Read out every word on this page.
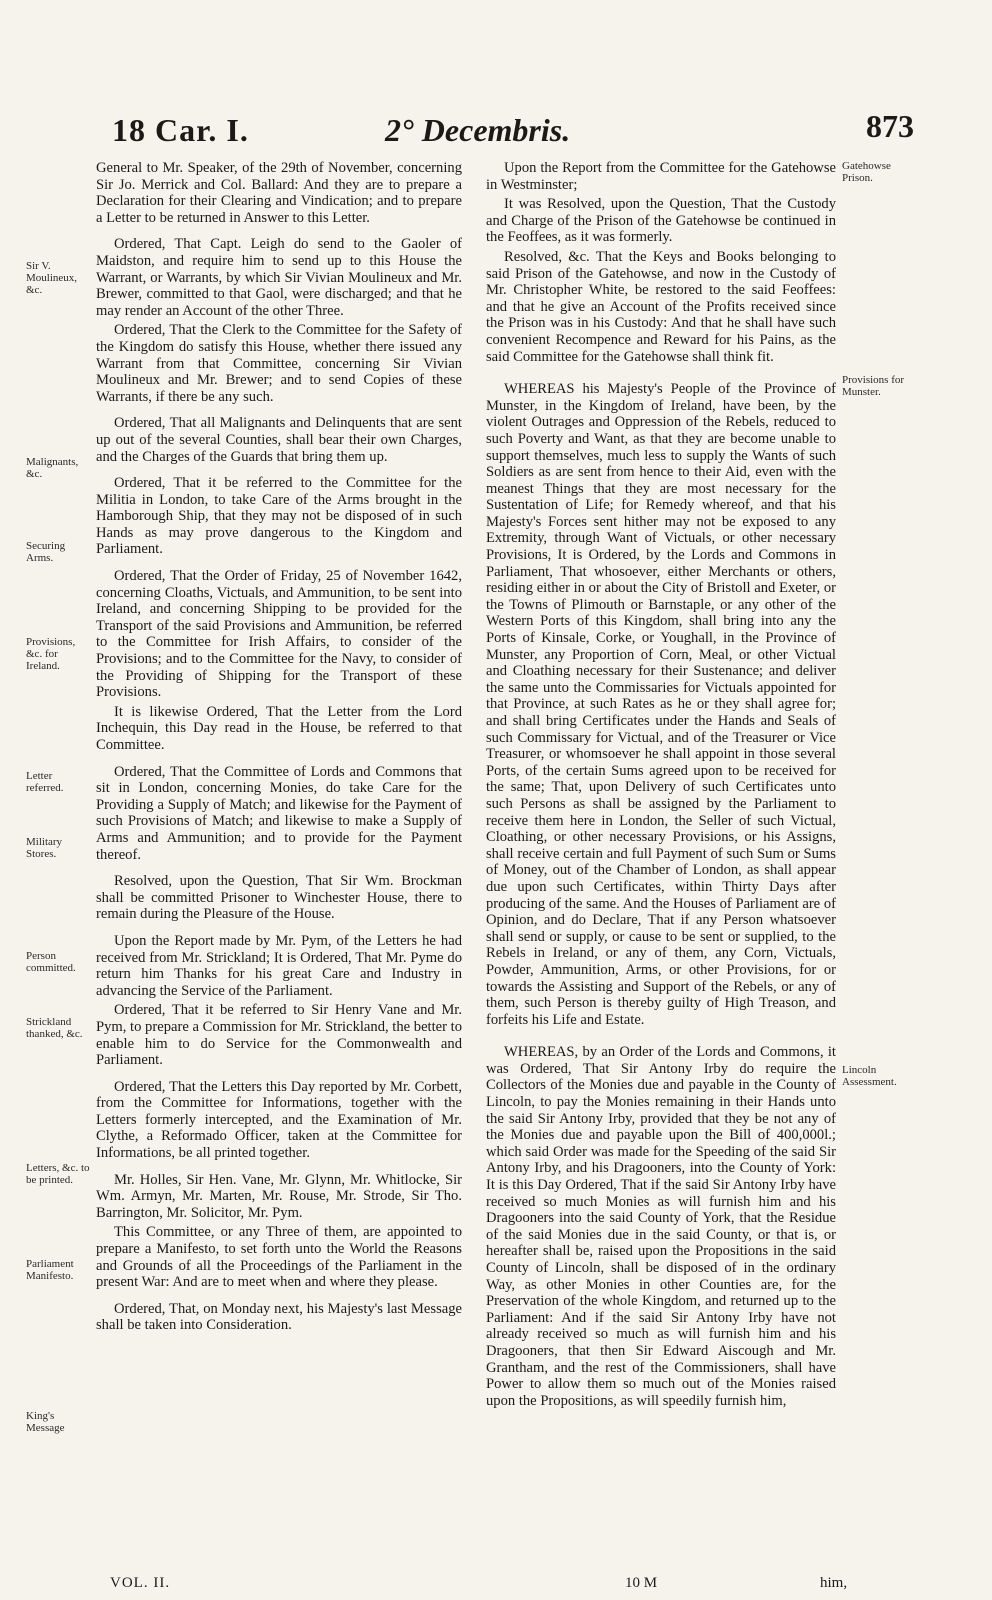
18 Car. I.	2° Decembris.	873

General to Mr. Speaker, of the 29th of November, concerning Sir Jo. Merrick and Col. Ballard: And they are to prepare a Declaration for their Clearing and Vindication; and to prepare a Letter to be returned in Answer to this Letter.

Ordered, That Capt. Leigh do send to the Gaoler of Maidston, and require him to send up to this House the Warrant, or Warrants, by which Sir Vivian Moulineux and Mr. Brewer, committed to that Gaol, were discharged; and that he may render an Account of the other Three.

Ordered, That the Clerk to the Committee for the Safety of the Kingdom do satisfy this House, whether there issued any Warrant from that Committee, concerning Sir Vivian Moulineux and Mr. Brewer; and to send Copies of these Warrants, if there be any such.

Ordered, That all Malignants and Delinquents that are sent up out of the several Counties, shall bear their own Charges, and the Charges of the Guards that bring them up.

Ordered, That it be referred to the Committee for the Militia in London, to take Care of the Arms brought in the Hamborough Ship, that they may not be disposed of in such Hands as may prove dangerous to the Kingdom and Parliament.

Ordered, That the Order of Friday, 25 of November 1642, concerning Cloaths, Victuals, and Ammunition, to be sent into Ireland, and concerning Shipping to be provided for the Transport of the said Provisions and Ammunition, be referred to the Committee for Irish Affairs, to consider of the Provisions; and to the Committee for the Navy, to consider of the Providing of Shipping for the Transport of these Provisions.

It is likewise Ordered, That the Letter from the Lord Inchequin, this Day read in the House, be referred to that Committee.

Ordered, That the Committee of Lords and Commons that sit in London, concerning Monies, do take Care for the Providing a Supply of Match; and likewise for the Payment of such Provisions of Match; and likewise to make a Supply of Arms and Ammunition; and to provide for the Payment thereof.

Resolved, upon the Question, That Sir Wm. Brockman shall be committed Prisoner to Winchester House, there to remain during the Pleasure of the House.

Upon the Report made by Mr. Pym, of the Letters he had received from Mr. Strickland; It is Ordered, That Mr. Pyme do return him Thanks for his great Care and Industry in advancing the Service of the Parliament.

Ordered, That it be referred to Sir Henry Vane and Mr. Pym, to prepare a Commission for Mr. Strickland, the better to enable him to do Service for the Commonwealth and Parliament.

Ordered, That the Letters this Day reported by Mr. Corbett, from the Committee for Informations, together with the Letters formerly intercepted, and the Examination of Mr. Clythe, a Reformado Officer, taken at the Committee for Informations, be all printed together.

Mr. Holles, Sir Hen. Vane, Mr. Glynn, Mr. Whitlocke, Sir Wm. Armyn, Mr. Marten, Mr. Rouse, Mr. Strode, Sir Tho. Barrington, Mr. Solicitor, Mr. Pym.

This Committee, or any Three of them, are appointed to prepare a Manifesto, to set forth unto the World the Reasons and Grounds of all the Proceedings of the Parliament in the present War: And are to meet when and where they please.

Ordered, That, on Monday next, his Majesty's last Message shall be taken into Consideration.

Upon the Report from the Committee for the Gatehowse in Westminster;

It was Resolved, upon the Question, That the Custody and Charge of the Prison of the Gatehowse be continued in the Feoffees, as it was formerly.

Resolved, &c. That the Keys and Books belonging to said Prison of the Gatehowse, and now in the Custody of Mr. Christopher White, be restored to the said Feoffees: and that he give an Account of the Profits received since the Prison was in his Custody: And that he shall have such convenient Recompence and Reward for his Pains, as the said Committee for the Gatehowse shall think fit.

WHEREAS his Majesty's People of the Province of Munster, in the Kingdom of Ireland, have been, by the violent Outrages and Oppression of the Rebels, reduced to such Poverty and Want, as that they are become unable to support themselves, much less to supply the Wants of such Soldiers as are sent from hence to their Aid, even with the meanest Things that they are most necessary for the Sustentation of Life; for Remedy whereof, and that his Majesty's Forces sent hither may not be exposed to any Extremity, through Want of Victuals, or other necessary Provisions, It is Ordered, by the Lords and Commons in Parliament, That whosoever, either Merchants or others, residing either in or about the City of Bristoll and Exeter, or the Towns of Plimouth or Barnstaple, or any other of the Western Ports of this Kingdom, shall bring into any the Ports of Kinsale, Corke, or Youghall, in the Province of Munster, any Proportion of Corn, Meal, or other Victual and Cloathing necessary for their Sustenance; and deliver the same unto the Commissaries for Victuals appointed for that Province, at such Rates as he or they shall agree for; and shall bring Certificates under the Hands and Seals of such Commissary for Victual, and of the Treasurer or Vice Treasurer, or whomsoever he shall appoint in those several Ports, of the certain Sums agreed upon to be received for the same; That, upon Delivery of such Certificates unto such Persons as shall be assigned by the Parliament to receive them here in London, the Seller of such Victual, Cloathing, or other necessary Provisions, or his Assigns, shall receive certain and full Payment of such Sum or Sums of Money, out of the Chamber of London, as shall appear due upon such Certificates, within Thirty Days after producing of the same. And the Houses of Parliament are of Opinion, and do Declare, That if any Person whatsoever shall send or supply, or cause to be sent or supplied, to the Rebels in Ireland, or any of them, any Corn, Victuals, Powder, Ammunition, Arms, or other Provisions, for or towards the Assisting and Support of the Rebels, or any of them, such Person is thereby guilty of High Treason, and forfeits his Life and Estate.

WHEREAS, by an Order of the Lords and Commons, it was Ordered, That Sir Antony Irby do require the Collectors of the Monies due and payable in the County of Lincoln, to pay the Monies remaining in their Hands unto the said Sir Antony Irby, provided that they be not any of the Monies due and payable upon the Bill of 400,000l.; which said Order was made for the Speeding of the said Sir Antony Irby, and his Dragooners, into the County of York: It is this Day Ordered, That if the said Sir Antony Irby have received so much Monies as will furnish him and his Dragooners into the said County of York, that the Residue of the said Monies due in the said County, or that is, or hereafter shall be, raised upon the Propositions in the said County of Lincoln, shall be disposed of in the ordinary Way, as other Monies in other Counties are, for the Preservation of the whole Kingdom, and returned up to the Parliament: And if the said Sir Antony Irby have not already received so much as will furnish him and his Dragooners, that then Sir Edward Aiscough and Mr. Grantham, and the rest of the Commissioners, shall have Power to allow them so much out of the Monies raised upon the Propositions, as will speedily furnish him,

Sir V. Moulineux, &c.
Malignants, &c.
Securing Arms.
Provisions, &c. for Ireland.
Letter referred.
Military Stores.
Person committed.
Strickland thanked, &c.
Letters, &c. to be printed.
Parliament Manifesto.
King's Message
Gatehowse Prison.
Provisions for Munster.
Lincoln Assessment.
VOL. II.	10 M	him,
